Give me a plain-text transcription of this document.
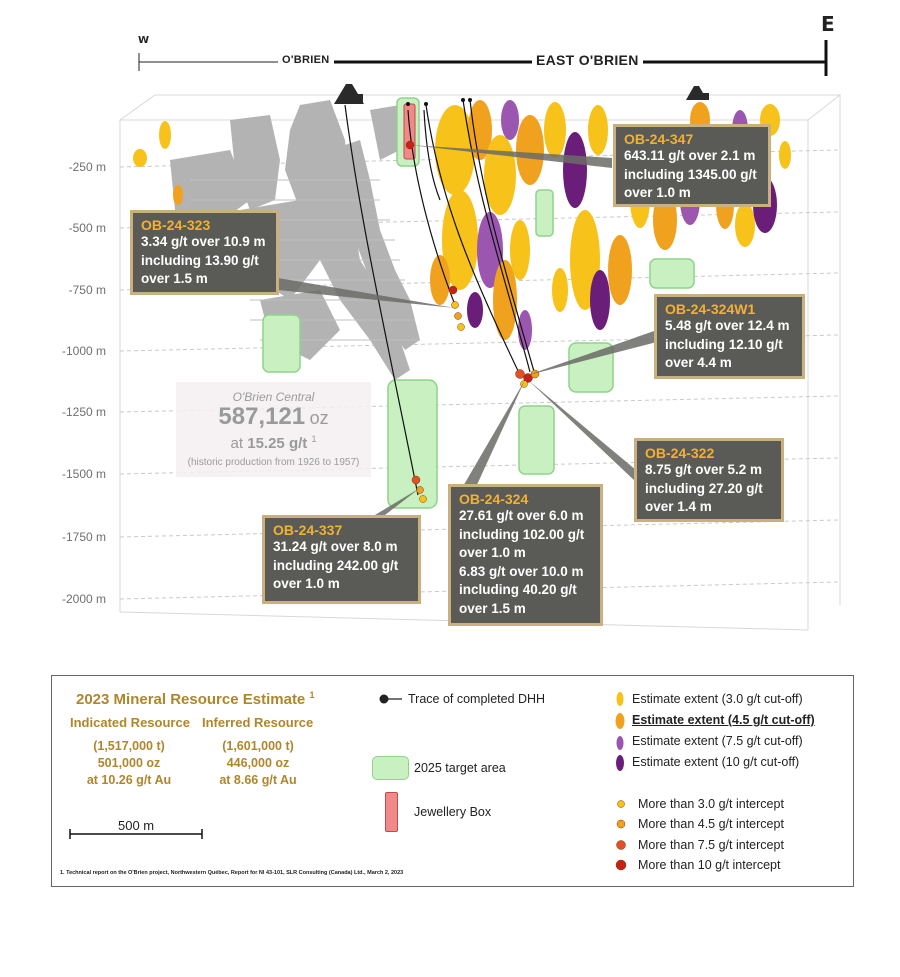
W
E
O'BRIEN	EAST O'BRIEN
-250 m
-500 m
-750 m
-1000 m
-1250 m
-1500 m
-1750 m
-2000 m
O'Brien Central
587,121 oz
at 15.25 g/t $^1$
(historic production from 1926 to 1957)
OB-24-347
643.11 g/t over 2.1 m
including 1345.00 g/t
over 1.0 m
OB-24-323
3.34 g/t over 10.9 m
including 13.90 g/t
over 1.5 m
OB-24-324W1
5.48 g/t over 12.4 m
including 12.10 g/t
over 4.4 m
OB-24-322
8.75 g/t over 5.2 m
including 27.20 g/t
over 1.4 m
OB-24-324
27.61 g/t over 6.0 m
including 102.00 g/t
over 1.0 m
6.83 g/t over 10.0 m
including 40.20 g/t
over 1.5 m
OB-24-337
31.24 g/t over 8.0 m
including 242.00 g/t
over 1.0 m
2023 Mineral Resource Estimate $^1$
Indicated Resource Inferred Resource
(1,517,000 t)
501,000 oz
at 10.26 g/t Au
(1,601,000 t)
446,000 oz
at 8.66 g/t Au
500 m
1. Technical report on the O'Brien project, Northwestern Québec, Report for NI 43-101, SLR Consulting (Canada) Ltd., March 2, 2023
Trace of completed DHH
2025 target area
Jewellery Box
Estimate extent (3.0 g/t cut-off)
Estimate extent (4.5 g/t cut-off)
Estimate extent (7.5 g/t cut-off)
Estimate extent (10 g/t cut-off)
More than 3.0 g/t intercept
More than 4.5 g/t intercept
More than 7.5 g/t intercept
More than 10 g/t intercept
